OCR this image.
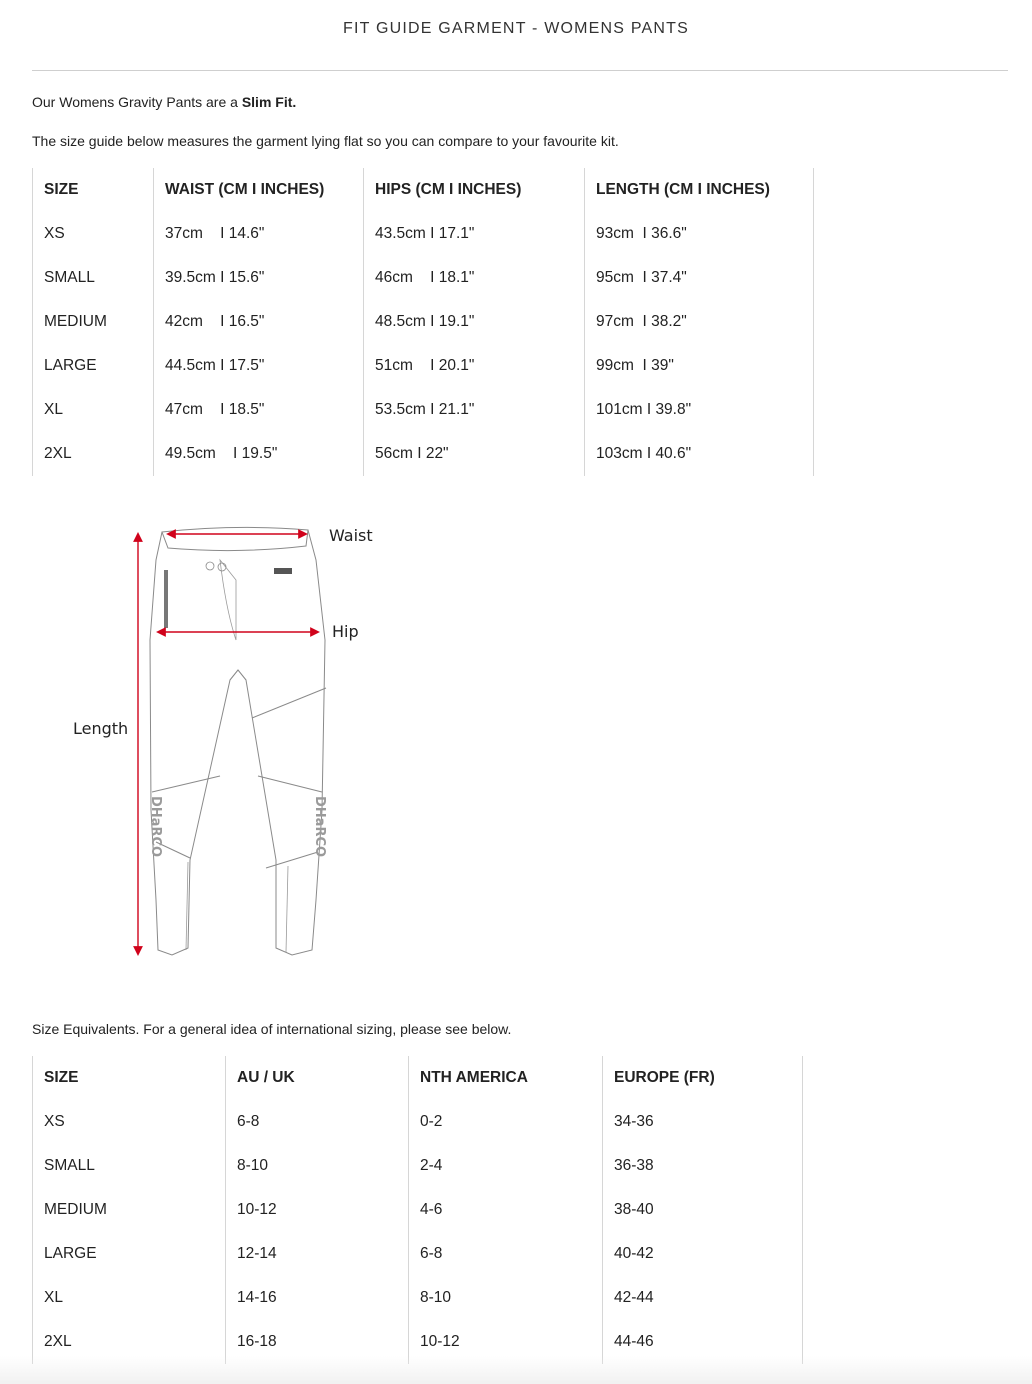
FIT GUIDE GARMENT - WOMENS PANTS
Our Womens Gravity Pants are a Slim Fit.
The size guide below measures the garment lying flat so you can compare to your favourite kit.
SIZE	WAIST (CM I INCHES)	HIPS (CM I INCHES)	LENGTH (CM I INCHES)
XS	37cm    I 14.6"	43.5cm I 17.1"	93cm  I 36.6"
SMALL	39.5cm I 15.6"	46cm    I 18.1"	95cm  I 37.4"
MEDIUM	42cm    I 16.5"	48.5cm I 19.1"	97cm  I 38.2"
LARGE	44.5cm I 17.5"	51cm    I 20.1"	99cm  I 39"
XL	47cm    I 18.5"	53.5cm I 21.1"	101cm I 39.8"
2XL	49.5cm    I 19.5"	56cm I 22"	103cm I 40.6"
DHaRCO	DHaRCO
Waist
Hip
Length
Size Equivalents. For a general idea of international sizing, please see below.
SIZE	AU / UK	NTH AMERICA	EUROPE (FR)
XS	6-8	0-2	34-36
SMALL	8-10	2-4	36-38
MEDIUM	10-12	4-6	38-40
LARGE	12-14	6-8	40-42
XL	14-16	8-10	42-44
2XL	16-18	10-12	44-46
